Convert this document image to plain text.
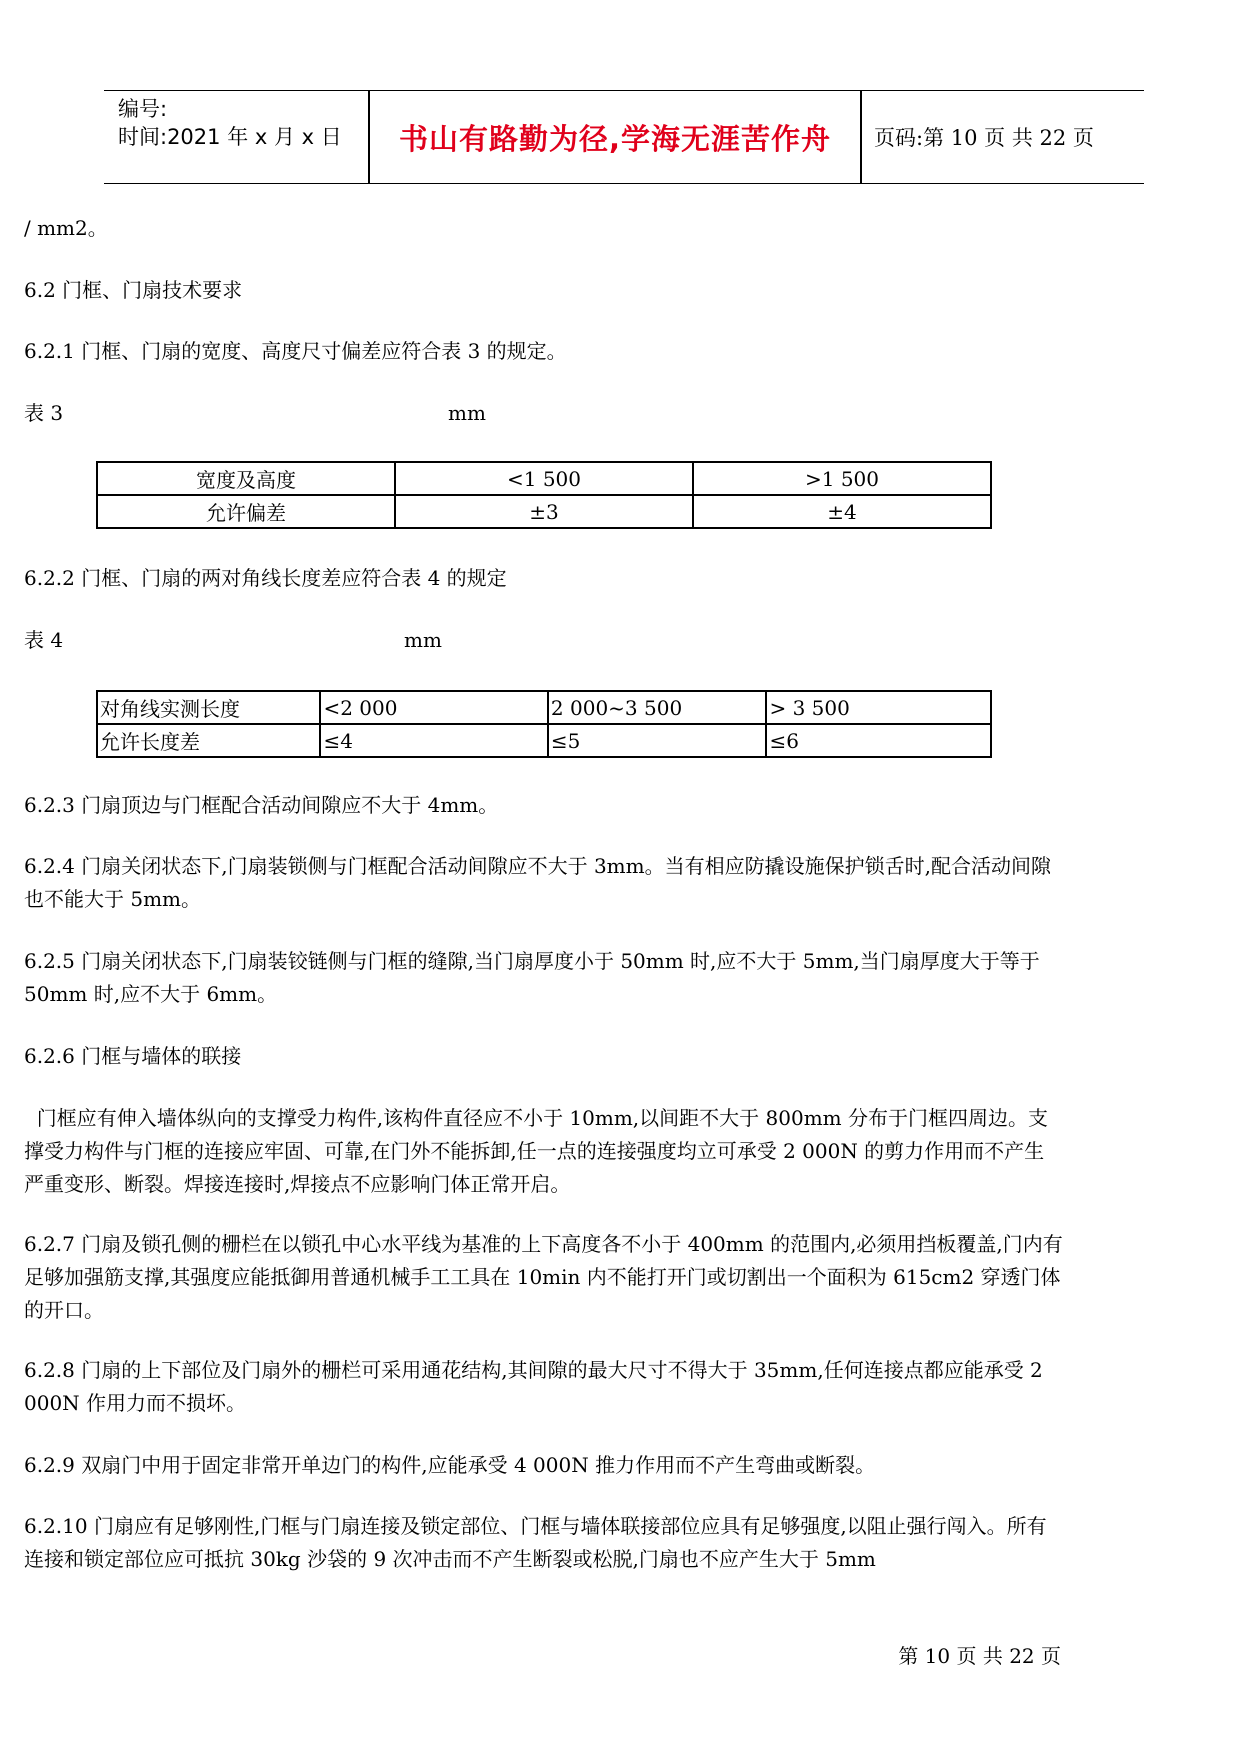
编号:
时间:2021 年 x 月 x 日	书山有路勤为径,学海无涯苦作舟	页码:第 10 页 共 22 页

/ mm2。

6.2 门框、门扇技术要求

6.2.1 门框、门扇的宽度、高度尺寸偏差应符合表 3 的规定。

表 3	mm

宽度及高度	<1 500	>1 500
允许偏差	±3	±4

6.2.2 门框、门扇的两对角线长度差应符合表 4 的规定

表 4	mm

对角线实测长度	<2 000	2 000~3 500	> 3 500
允许长度差	≤4	≤5	≤6

6.2.3 门扇顶边与门框配合活动间隙应不大于 4mm。

6.2.4 门扇关闭状态下,门扇装锁侧与门框配合活动间隙应不大于 3mm。当有相应防撬设施保护锁舌时,配合活动间隙也不能大于 5mm。

6.2.5 门扇关闭状态下,门扇装铰链侧与门框的缝隙,当门扇厚度小于 50mm 时,应不大于 5mm,当门扇厚度大于等于 50mm 时,应不大于 6mm。

6.2.6 门框与墙体的联接

门框应有伸入墙体纵向的支撑受力构件,该构件直径应不小于 10mm,以间距不大于 800mm 分布于门框四周边。支撑受力构件与门框的连接应牢固、可靠,在门外不能拆卸,任一点的连接强度均立可承受 2 000N 的剪力作用而不产生严重变形、断裂。焊接连接时,焊接点不应影响门体正常开启。

6.2.7 门扇及锁孔侧的栅栏在以锁孔中心水平线为基准的上下高度各不小于 400mm 的范围内,必须用挡板覆盖,门内有足够加强筋支撑,其强度应能抵御用普通机械手工工具在 10min 内不能打开门或切割出一个面积为 615cm2 穿透门体的开口。

6.2.8 门扇的上下部位及门扇外的栅栏可采用通花结构,其间隙的最大尺寸不得大于 35mm,任何连接点都应能承受 2 000N 作用力而不损坏。

6.2.9 双扇门中用于固定非常开单边门的构件,应能承受 4 000N 推力作用而不产生弯曲或断裂。

6.2.10 门扇应有足够刚性,门框与门扇连接及锁定部位、门框与墙体联接部位应具有足够强度,以阻止强行闯入。所有连接和锁定部位应可抵抗 30kg 沙袋的 9 次冲击而不产生断裂或松脱,门扇也不应产生大于 5mm

第 10 页 共 22 页
